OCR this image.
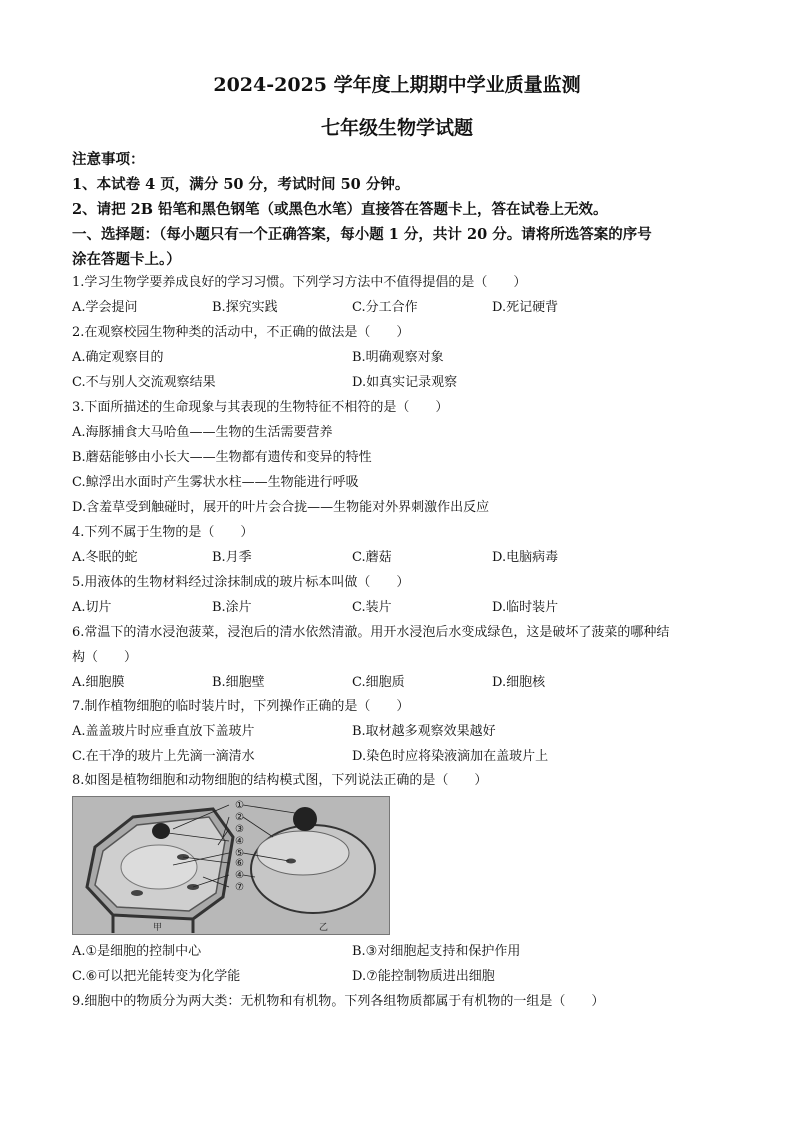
2024-2025 学年度上期期中学业质量监测
七年级生物学试题
注意事项：
1、本试卷 4 页，满分 50 分，考试时间 50 分钟。
2、请把 2B 铅笔和黑色钢笔（或黑色水笔）直接答在答题卡上，答在试卷上无效。
一、选择题：（每小题只有一个正确答案，每小题 1 分，共计 20 分。请将所选答案的序号
涂在答题卡上。）
1.学习生物学要养成良好的学习习惯。下列学习方法中不值得提倡的是（　　）
A.学会提问	B.探究实践	C.分工合作	D.死记硬背
2.在观察校园生物种类的活动中，不正确的做法是（　　）
A.确定观察目的	B.明确观察对象
C.不与别人交流观察结果	D.如真实记录观察
3.下面所描述的生命现象与其表现的生物特征不相符的是（　　）
A.海豚捕食大马哈鱼——生物的生活需要营养
B.蘑菇能够由小长大——生物都有遗传和变异的特性
C.鲸浮出水面时产生雾状水柱——生物能进行呼吸
D.含羞草受到触碰时，展开的叶片会合拢——生物能对外界刺激作出反应
4.下列不属于生物的是（　　）
A.冬眠的蛇	B.月季	C.蘑菇	D.电脑病毒
5.用液体的生物材料经过涂抹制成的玻片标本叫做（　　）
A.切片	B.涂片	C.装片	D.临时装片
6.常温下的清水浸泡菠菜，浸泡后的清水依然清澈。用开水浸泡后水变成绿色，这是破坏了菠菜的哪种结
构（　　）
A.细胞膜	B.细胞壁	C.细胞质	D.细胞核
7.制作植物细胞的临时装片时，下列操作正确的是（　　）
A.盖盖玻片时应垂直放下盖玻片	B.取材越多观察效果越好
C.在干净的玻片上先滴一滴清水	D.染色时应将染液滴加在盖玻片上
8.如图是植物细胞和动物细胞的结构模式图，下列说法正确的是（　　）
①
②
③
④
⑤
⑥
④
⑦
甲	乙
A.①是细胞的控制中心	B.③对细胞起支持和保护作用
C.⑥可以把光能转变为化学能	D.⑦能控制物质进出细胞
9.细胞中的物质分为两大类：无机物和有机物。下列各组物质都属于有机物的一组是（　　）
